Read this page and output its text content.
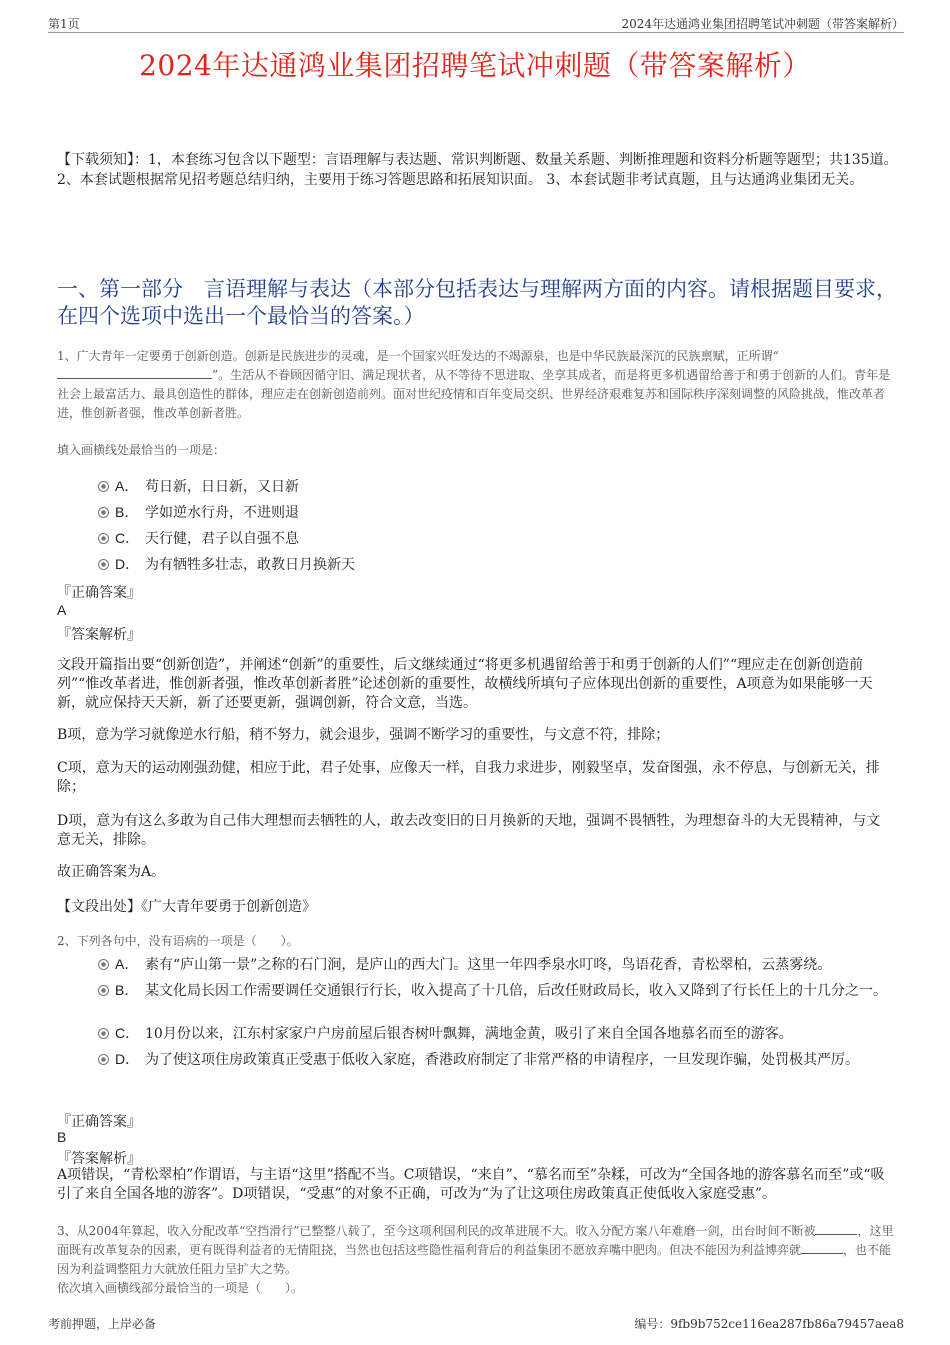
第1页	2024年达通鸿业集团招聘笔试冲刺题（带答案解析）
2024年达通鸿业集团招聘笔试冲刺题（带答案解析）
【下载须知】：1，本套练习包含以下题型：言语理解与表达题、常识判断题、数量关系题、判断推理题和资料分析题等题型；共135道。 2、本套试题根据常见招考题总结归纳，主要用于练习答题思路和拓展知识面。 3、本套试题非考试真题，且与达通鸿业集团无关。
一、第一部分　言语理解与表达（本部分包括表达与理解两方面的内容。请根据题目要求，在四个选项中选出一个最恰当的答案。）
1、广大青年一定要勇于创新创造。创新是民族进步的灵魂，是一个国家兴旺发达的不竭源泉，也是中华民族最深沉的民族禀赋，正所谓“
”。生活从不眷顾因循守旧、满足现状者，从不等待不思进取、坐享其成者，而是将更多机遇留给善于和勇于创新的人们。青年是社会上最富活力、最具创造性的群体，理应走在创新创造前列。面对世纪疫情和百年变局交织、世界经济艰难复苏和国际秩序深刻调整的风险挑战，惟改革者进，惟创新者强，惟改革创新者胜。
填入画横线处最恰当的一项是：
A． 苟日新，日日新，又日新
B． 学如逆水行舟，不进则退
C． 天行健，君子以自强不息
D． 为有牺牲多壮志，敢教日月换新天
『正确答案』
A
『答案解析』
文段开篇指出要“创新创造”，并阐述“创新”的重要性，后文继续通过“将更多机遇留给善于和勇于创新的人们”“理应走在创新创造前列”“惟改革者进，惟创新者强，惟改革创新者胜”论述创新的重要性，故横线所填句子应体现出创新的重要性，A项意为如果能够一天新，就应保持天天新，新了还要更新，强调创新，符合文意，当选。
B项，意为学习就像逆水行船，稍不努力，就会退步，强调不断学习的重要性，与文意不符，排除；
C项，意为天的运动刚强劲健，相应于此，君子处事，应像天一样，自我力求进步，刚毅坚卓，发奋图强，永不停息，与创新无关，排除；
D项，意为有这么多敢为自己伟大理想而去牺牲的人，敢去改变旧的日月换新的天地，强调不畏牺牲，为理想奋斗的大无畏精神，与文意无关，排除。
故正确答案为A。
【文段出处】《广大青年要勇于创新创造》
2、下列各句中，没有语病的一项是（　　）。
A． 素有“庐山第一景”之称的石门涧，是庐山的西大门。这里一年四季泉水叮咚，鸟语花香，青松翠柏，云蒸雾绕。
B． 某文化局长因工作需要调任交通银行行长，收入提高了十几倍，后改任财政局长，收入又降到了行长任上的十几分之一。
C． 10月份以来，江东村家家户户房前屋后银杏树叶飘舞，满地金黄，吸引了来自全国各地慕名而至的游客。
D． 为了使这项住房政策真正受惠于低收入家庭，香港政府制定了非常严格的申请程序，一旦发现诈骗，处罚极其严厉。
『正确答案』
B
『答案解析』
A项错误，“青松翠柏”作谓语，与主语“这里”搭配不当。C项错误，“来自”、“慕名而至”杂糅，可改为“全国各地的游客慕名而至”或“吸引了来自全国各地的游客”。D项错误，“受惠”的对象不正确，可改为“为了让这项住房政策真正使低收入家庭受惠”。
3、从2004年算起，收入分配改革“空挡滑行”已整整八载了，至今这项利国利民的改革进展不大。收入分配方案八年难磨一剑，出台时间不断被	，这里面既有改革复杂的因素，更有既得利益者的无情阻挠，当然也包括这些隐性福利背后的利益集团不愿放弃嘴中肥肉。但决不能因为利益博弈就	，也不能因为利益调整阻力大就放任阻力呈扩大之势。
依次填入画横线部分最恰当的一项是（　　）。
考前押题，上岸必备	编号：9fb9b752ce116ea287fb86a79457aea8
